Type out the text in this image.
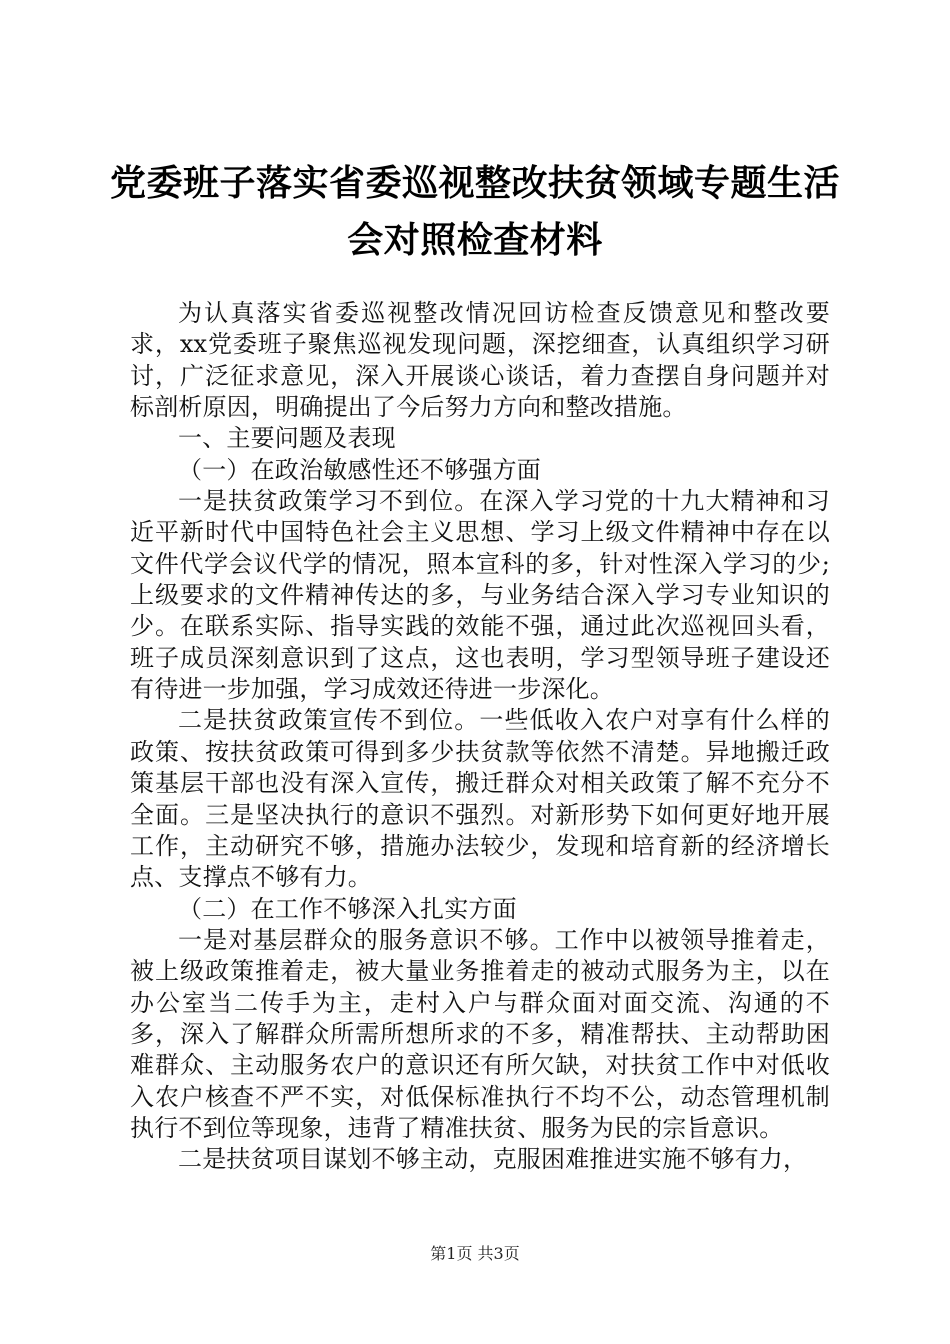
党委班子落实省委巡视整改扶贫领域专题生活
会对照检查材料

为认真落实省委巡视整改情况回访检查反馈意见和整改要求，xx党委班子聚焦巡视发现问题，深挖细查，认真组织学习研讨，广泛征求意见，深入开展谈心谈话，着力查摆自身问题并对标剖析原因，明确提出了今后努力方向和整改措施。

一、主要问题及表现

（一）在政治敏感性还不够强方面

一是扶贫政策学习不到位。在深入学习党的十九大精神和习近平新时代中国特色社会主义思想、学习上级文件精神中存在以文件代学会议代学的情况，照本宣科的多，针对性深入学习的少;上级要求的文件精神传达的多，与业务结合深入学习专业知识的少。在联系实际、指导实践的效能不强，通过此次巡视回头看，班子成员深刻意识到了这点，这也表明，学习型领导班子建设还有待进一步加强，学习成效还待进一步深化。

二是扶贫政策宣传不到位。一些低收入农户对享有什么样的政策、按扶贫政策可得到多少扶贫款等依然不清楚。异地搬迁政策基层干部也没有深入宣传，搬迁群众对相关政策了解不充分不全面。三是坚决执行的意识不强烈。对新形势下如何更好地开展工作，主动研究不够，措施办法较少，发现和培育新的经济增长点、支撑点不够有力。

（二）在工作不够深入扎实方面

一是对基层群众的服务意识不够。工作中以被领导推着走，被上级政策推着走，被大量业务推着走的被动式服务为主，以在办公室当二传手为主，走村入户与群众面对面交流、沟通的不多，深入了解群众所需所想所求的不多，精准帮扶、主动帮助困难群众、主动服务农户的意识还有所欠缺，对扶贫工作中对低收入农户核查不严不实，对低保标准执行不均不公，动态管理机制执行不到位等现象，违背了精准扶贫、服务为民的宗旨意识。

二是扶贫项目谋划不够主动，克服困难推进实施不够有力，

第1页 共3页
